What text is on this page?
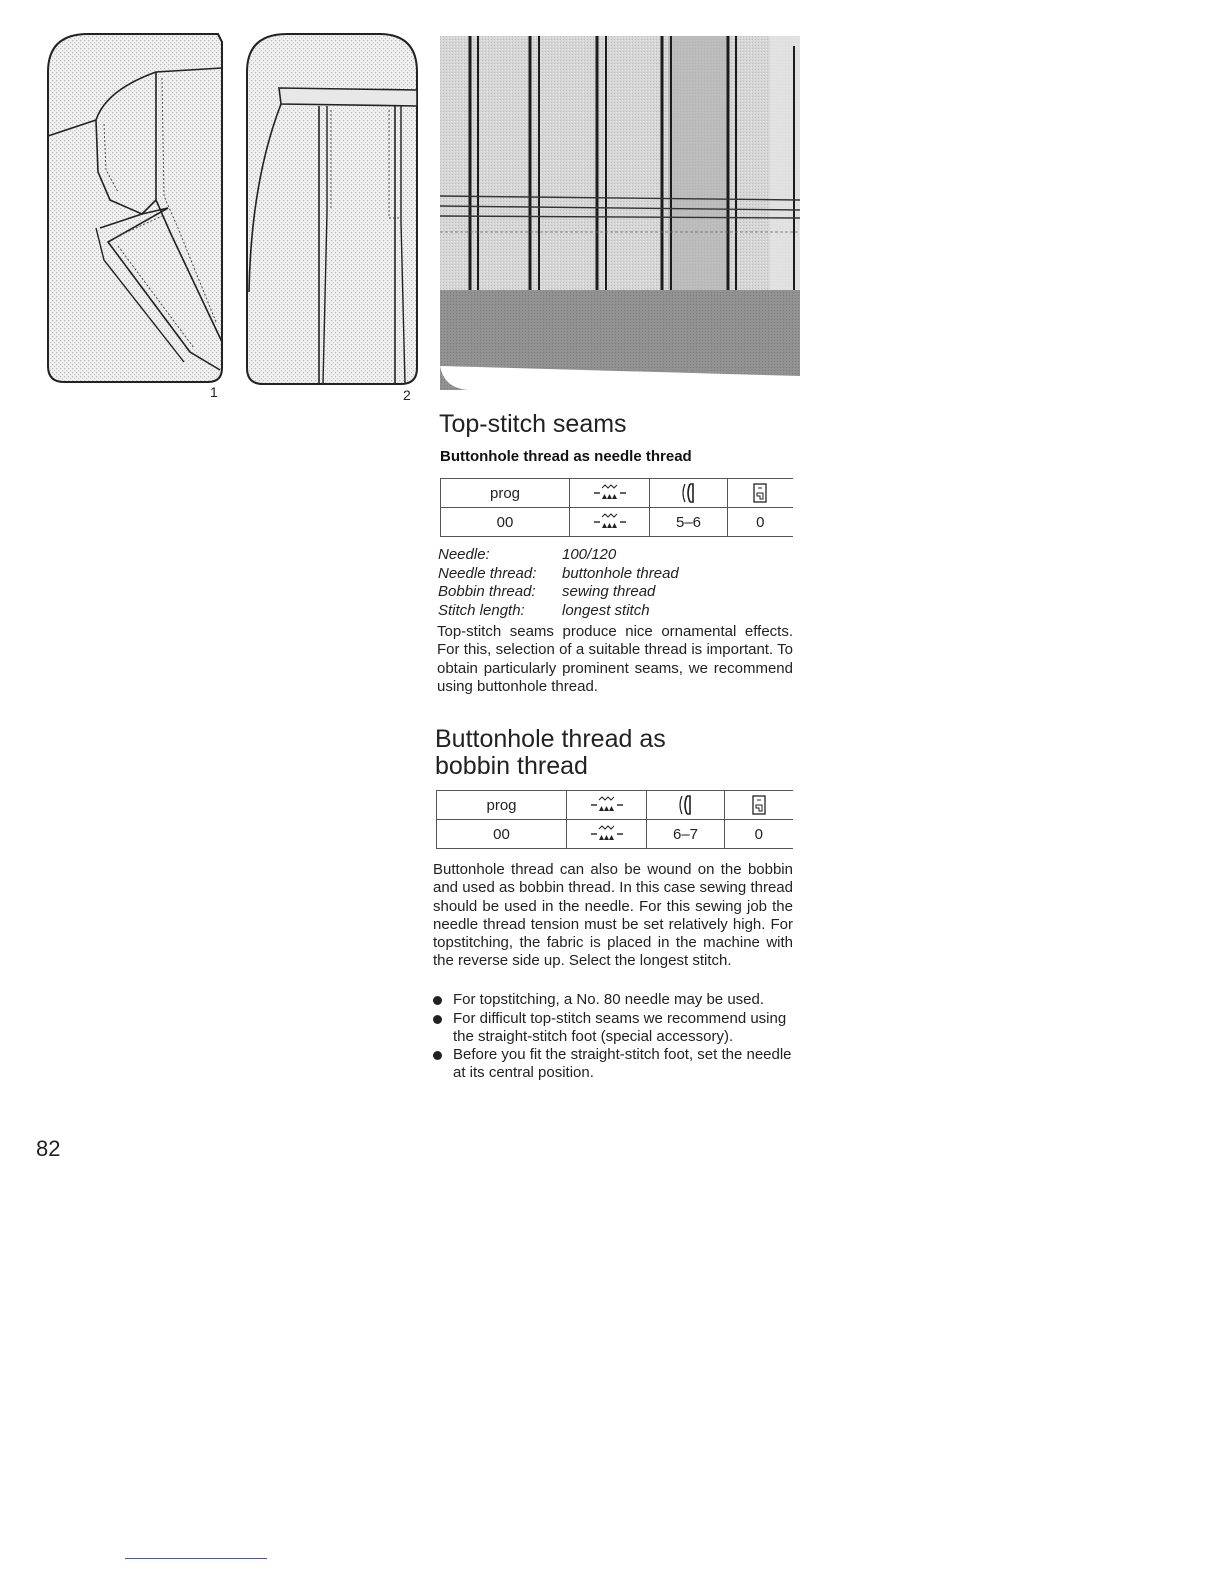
1	2
Top-stitch seams
Buttonhole thread as needle thread
prog	

00		5–6	0
Needle:	100/120
Needle thread: buttonhole thread
Bobbin thread: sewing thread
Stitch length: longest stitch

Top-stitch seams produce nice ornamental effects. For this, selection of a suitable thread is important. To obtain particularly prominent seams, we recommend using buttonhole thread.

Buttonhole thread as
bobbin thread
prog	

00		6–7	0

Buttonhole thread can also be wound on the bobbin and used as bobbin thread. In this case sewing thread should be used in the needle. For this sewing job the needle thread tension must be set relatively high. For topstitching, the fabric is placed in the machine with the reverse side up. Select the longest stitch.

For topstitching, a No. 80 needle may be used.
For difficult top-stitch seams we recommend using the straight-stitch foot (special accessory).
Before you fit the straight-stitch foot, set the needle at its central position.
82
